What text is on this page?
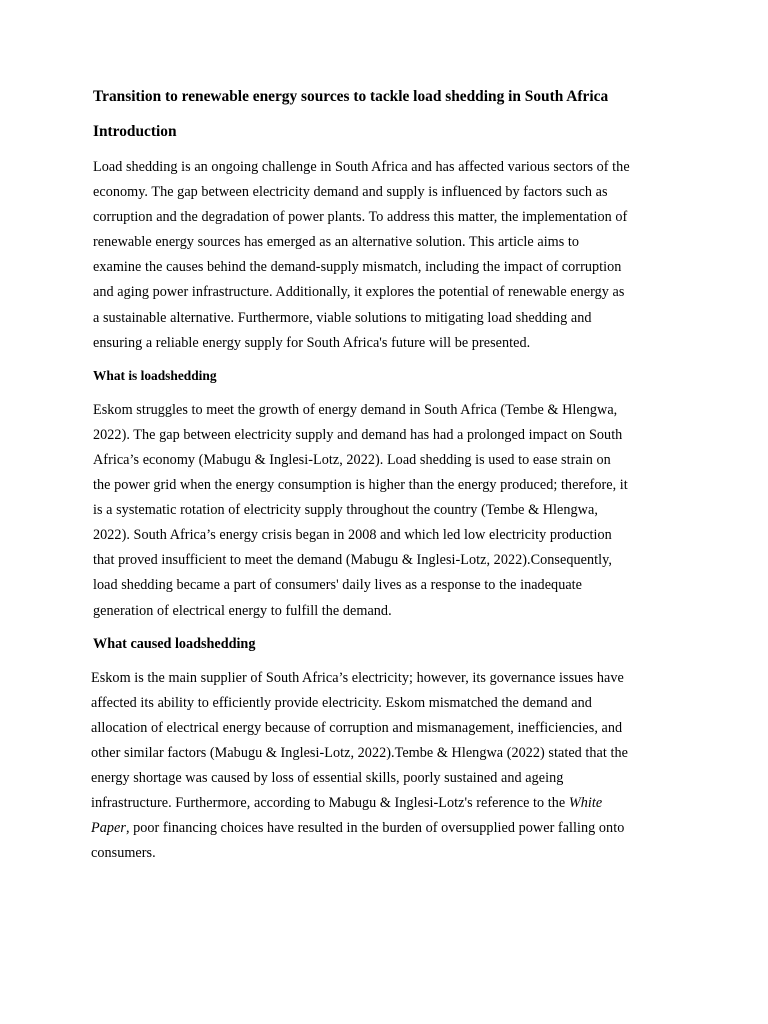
Transition to renewable energy sources to tackle load shedding in South Africa
Introduction
Load shedding is an ongoing challenge in South Africa and has affected various sectors of the
economy. The gap between electricity demand and supply is influenced by factors such as
corruption and the degradation of power plants. To address this matter, the implementation of
renewable energy sources has emerged as an alternative solution. This article aims to
examine the causes behind the demand-supply mismatch, including the impact of corruption
and aging power infrastructure. Additionally, it explores the potential of renewable energy as
a sustainable alternative. Furthermore, viable solutions to mitigating load shedding and
ensuring a reliable energy supply for South Africa's future will be presented.
What is loadshedding
Eskom struggles to meet the growth of energy demand in South Africa (Tembe & Hlengwa,
2022). The gap between electricity supply and demand has had a prolonged impact on South
Africa’s economy (Mabugu & Inglesi-Lotz, 2022). Load shedding is used to ease strain on
the power grid when the energy consumption is higher than the energy produced; therefore, it
is a systematic rotation of electricity supply throughout the country (Tembe & Hlengwa,
2022). South Africa’s energy crisis began in 2008 and which led low electricity production
that proved insufficient to meet the demand (Mabugu & Inglesi-Lotz, 2022).Consequently,
load shedding became a part of consumers' daily lives as a response to the inadequate
generation of electrical energy to fulfill the demand.
What caused loadshedding
Eskom is the main supplier of South Africa’s electricity; however, its governance issues have
affected its ability to efficiently provide electricity. Eskom mismatched the demand and
allocation of electrical energy because of corruption and mismanagement, inefficiencies, and
other similar factors (Mabugu & Inglesi-Lotz, 2022).Tembe & Hlengwa (2022) stated that the
energy shortage was caused by loss of essential skills, poorly sustained and ageing
infrastructure. Furthermore, according to Mabugu & Inglesi-Lotz's reference to the White
Paper, poor financing choices have resulted in the burden of oversupplied power falling onto
consumers.
